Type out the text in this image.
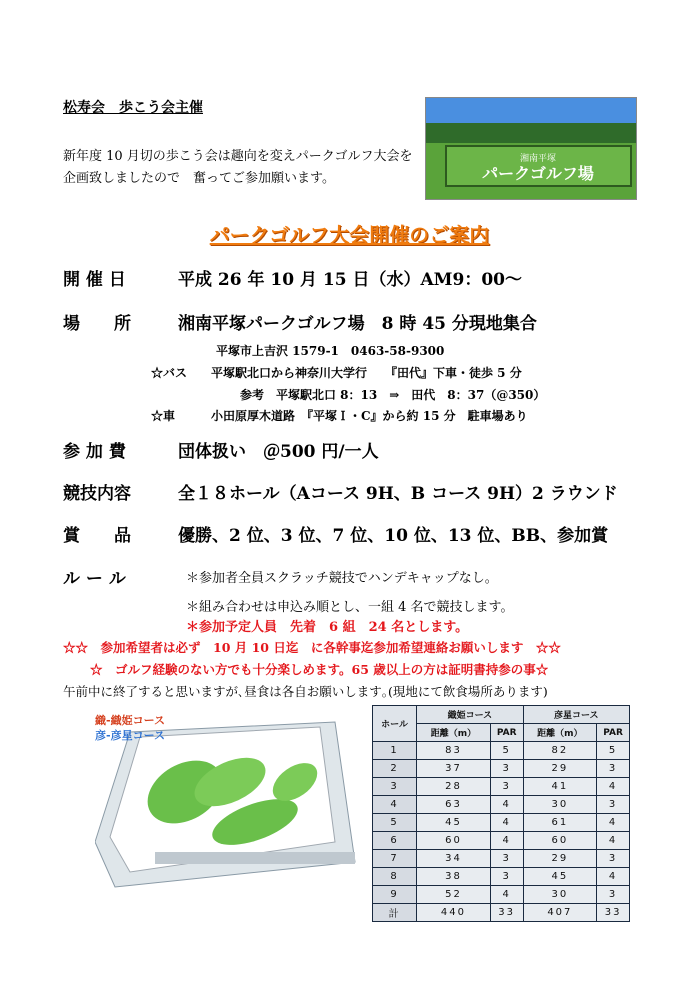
松寿会　歩こう会主催
新年度 10 月切の歩こう会は趣向を変えパークゴルフ大会を企画致しましたので　奮ってご参加願います。
湘南平塚
パークゴルフ場
パークゴルフ大会開催のご案内
開 催 日	平成 26 年 10 月 15 日（水）AM9：00～
場　　所	湘南平塚パークゴルフ場　8 時 45 分現地集合
平塚市上吉沢 1579-1　0463-58-9300
☆バス　　平塚駅北口から神奈川大学行　　『田代』下車・徒歩 5 分
参考　平塚駅北口 8：13　⇒　田代　8：37（@350）
☆車　　　小田原厚木道路　『平塚Ｉ・C』から約 15 分　駐車場あり
参 加 費	団体扱い　＠500 円/一人
競技内容	全１８ホール（Aコース 9H、B コース 9H）2 ラウンド
賞　　品	優勝、2 位、3 位、7 位、10 位、13 位、BB、参加賞
ル ー ル	＊参加者全員スクラッチ競技でハンデキャップなし。
＊組み合わせは申込み順とし、一組 4 名で競技します。
＊参加予定人員　先着　6 組　24 名とします。
☆☆　参加希望者は必ず　10 月 10 日迄　に各幹事迄参加希望連絡お願いします　☆☆
☆　ゴルフ経験のない方でも十分楽しめます。65 歳以上の方は証明書持参の事☆
午前中に終了すると思いますが､昼食は各自お願いします｡(現地にて飲食場所あります)
織-織姫コース
彦-彦星コース
ホール	織姫コース		彦星コース	
	距離（m）	PAR	距離（m）	PAR
1	83	5	82	5
2	37	3	29	3
3	28	3	41	4
4	63	4	30	3
5	45	4	61	4
6	60	4	60	4
7	34	3	29	3
8	38	3	45	4
9	52	4	30	3
計	440	33	407	33
